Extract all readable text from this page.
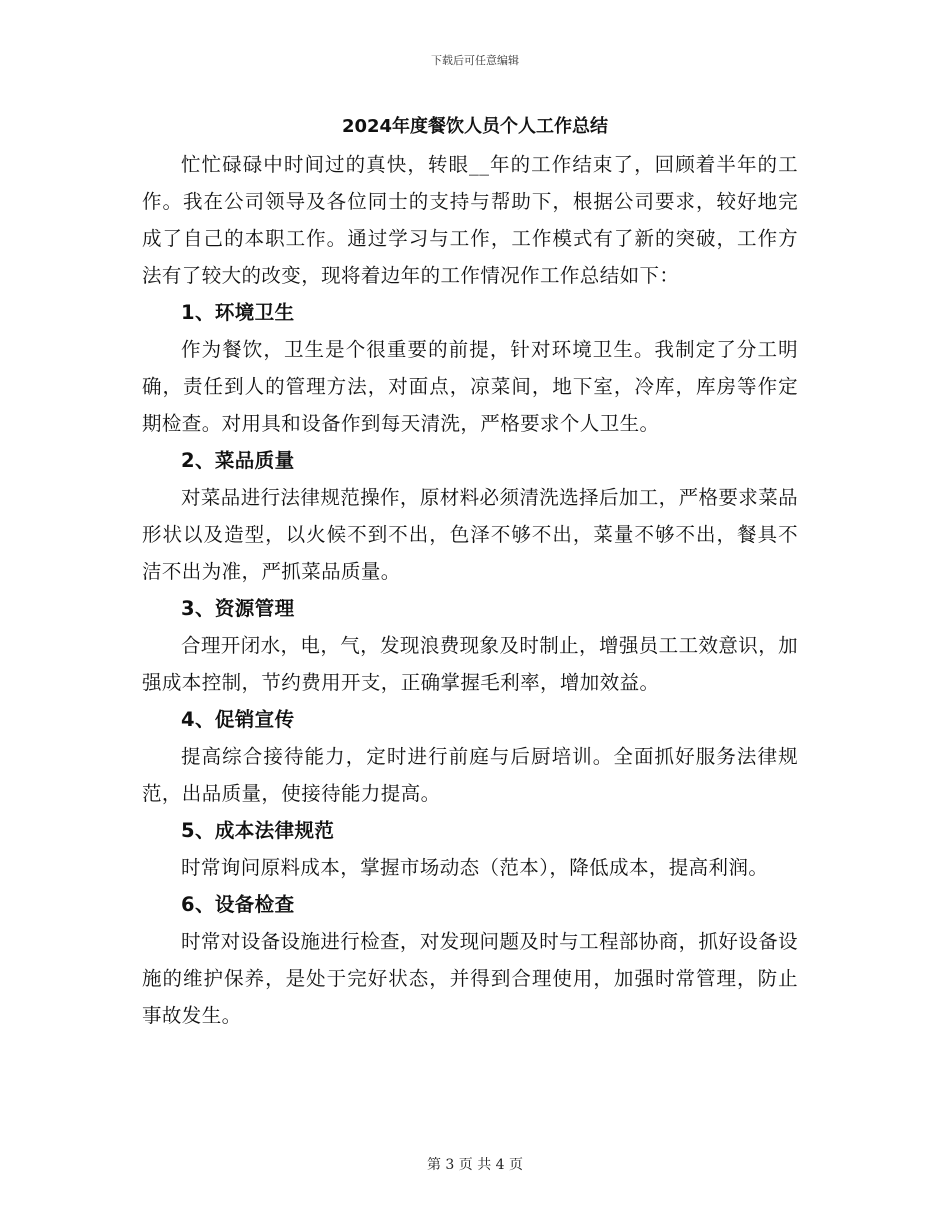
下载后可任意编辑
2024年度餐饮人员个人工作总结

忙忙碌碌中时间过的真快，转眼__年的工作结束了，回顾着半年的工作。我在公司领导及各位同士的支持与帮助下，根据公司要求，较好地完成了自己的本职工作。通过学习与工作，工作模式有了新的突破，工作方法有了较大的改变，现将着边年的工作情况作工作总结如下：

1、环境卫生

作为餐饮，卫生是个很重要的前提，针对环境卫生。我制定了分工明确，责任到人的管理方法，对面点，凉菜间，地下室，冷库，库房等作定期检查。对用具和设备作到每天清洗，严格要求个人卫生。

2、菜品质量

对菜品进行法律规范操作，原材料必须清洗选择后加工，严格要求菜品形状以及造型，以火候不到不出，色泽不够不出，菜量不够不出，餐具不洁不出为准，严抓菜品质量。

3、资源管理

合理开闭水，电，气，发现浪费现象及时制止，增强员工工效意识，加强成本控制，节约费用开支，正确掌握毛利率，增加效益。

4、促销宣传

提高综合接待能力，定时进行前庭与后厨培训。全面抓好服务法律规范，出品质量，使接待能力提高。

5、成本法律规范

时常询问原料成本，掌握市场动态（范本），降低成本，提高利润。

6、设备检查

时常对设备设施进行检查，对发现问题及时与工程部协商，抓好设备设施的维护保养，是处于完好状态，并得到合理使用，加强时常管理，防止事故发生。

第 3 页 共 4 页
